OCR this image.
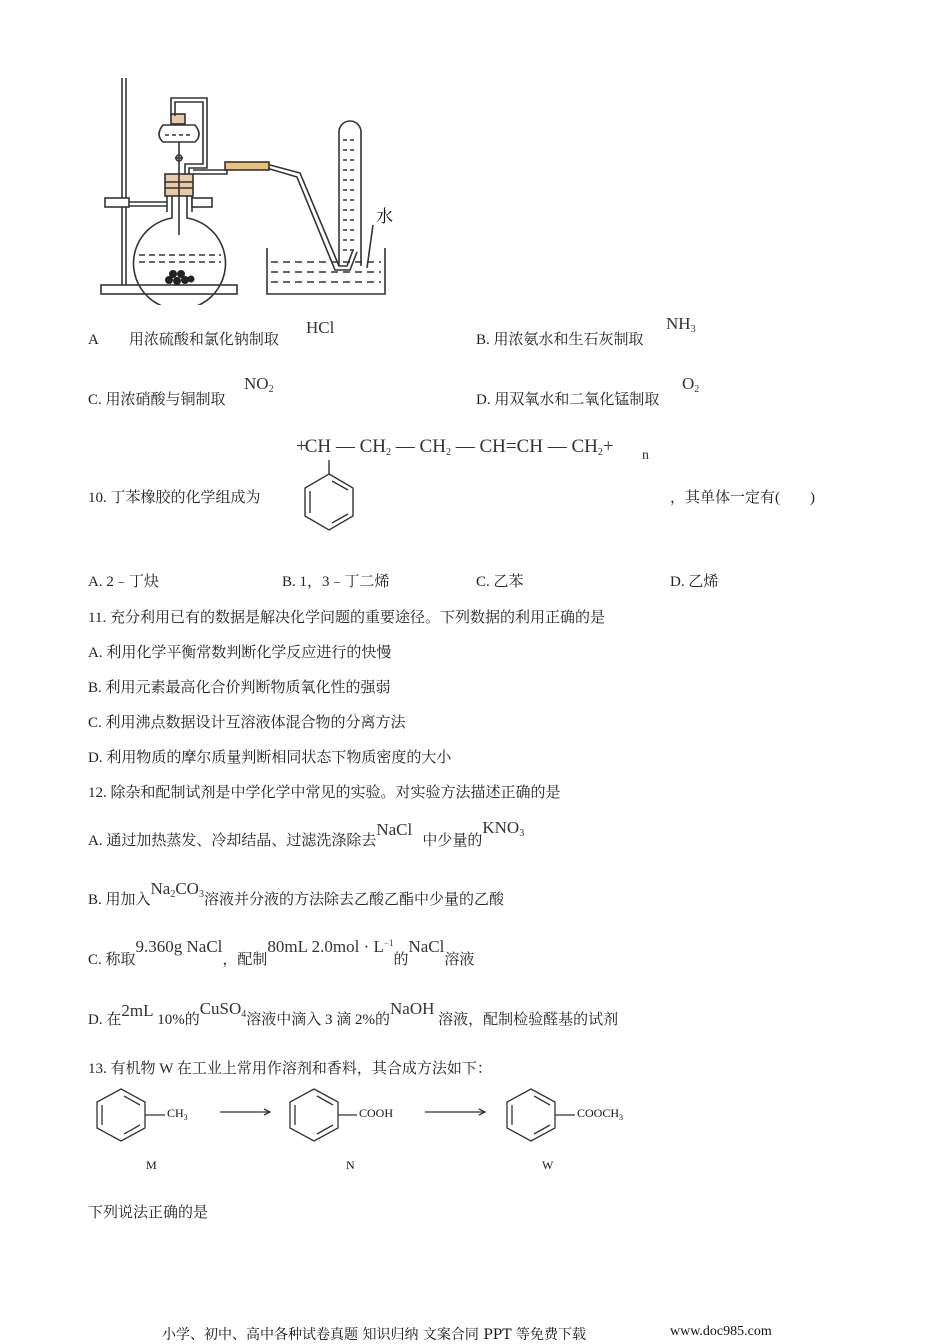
水
A 用浓硫酸和氯化钠制取
HCl
B. 用浓氨水和生石灰制取
$NH_3$
C. 用浓硝酸与铜制取
$NO_2$
D. 用双氧水和二氧化锰制取
$O_2$
10. 丁苯橡胶的化学组成为
+CH — $CH_2$ — $CH_2$ — CH=CH — $CH_2+ n$
，其单体一定有(　　)
A. 2﹣丁炔	B. 1，3﹣丁二烯	C. 乙苯	D. 乙烯
11. 充分利用已有的数据是解决化学问题的重要途径。下列数据的利用正确的是
A. 利用化学平衡常数判断化学反应进行的快慢
B. 利用元素最高化合价判断物质氧化性的强弱
C. 利用沸点数据设计互溶液体混合物的分离方法
D. 利用物质的摩尔质量判断相同状态下物质密度的大小
12. 除杂和配制试剂是中学化学中常见的实验。对实验方法描述正确的是
A. 通过加热蒸发、冷却结晶、过滤洗涤除去NaCl中少量的$KNO_3$
B. 用加入$Na_2CO_3$溶液并分液的方法除去乙酸乙酯中少量的乙酸
C. 称取9.360g NaCl，配制80mL $2.0mol \cdot L^{-1}$的NaCl溶液
D. 在2mL 10%的CuSO$_4$溶液中滴入 3 滴 2%的NaOH 溶液，配制检验醛基的试剂
13. 有机物 W 在工业上常用作溶剂和香料，其合成方法如下：
$CH_3$	COOH	$COOCH_3$
M	N	W
下列说法正确的是
小学、初中、高中各种试卷真题 知识归纳 文案合同 PPT 等免费下载	www.doc985.com
